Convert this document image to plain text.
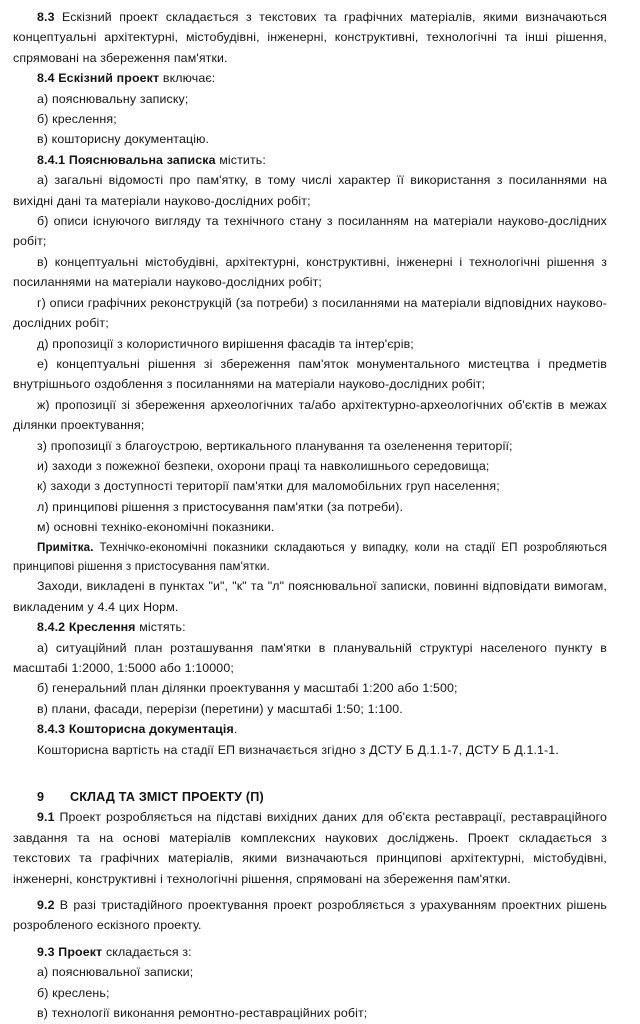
8.3 Ескізний проект складається з текстових та графічних матеріалів, якими визначаються концептуальні архітектурні, містобудівні, інженерні, конструктивні, технологічні та інші рішення, спрямовані на збереження пам'ятки.

8.4 Ескізний проект включає:

а) пояснювальну записку;

б) креслення;

в) кошторисну документацію.

8.4.1 Пояснювальна записка містить:

а) загальні відомості про пам'ятку, в тому числі характер її використання з посиланнями на вихідні дані та матеріали науково-дослідних робіт;

б) описи існуючого вигляду та технічного стану з посиланням на матеріали науково-дослідних робіт;

в) концептуальні містобудівні, архітектурні, конструктивні, інженерні і технологічні рішення з посиланнями на матеріали науково-дослідних робіт;

г) описи графічних реконструкцій (за потреби) з посиланнями на матеріали відповідних науково-дослідних робіт;

д) пропозиції з колористичного вирішення фасадів та інтер'єрів;

е) концептуальні рішення зі збереження пам'яток монументального мистецтва і предметів внутрішнього оздоблення з посиланнями на матеріали науково-дослідних робіт;

ж) пропозиції зі збереження археологічних та/або архітектурно-археологічних об'єктів в межах ділянки проектування;

з) пропозиції з благоустрою, вертикального планування та озеленення території;

и) заходи з пожежної безпеки, охорони праці та навколишнього середовища;

к) заходи з доступності території пам'ятки для маломобільних груп населення;

л) принципові рішення з пристосування пам'ятки (за потреби).

м) основні техніко-економічні показники.

Примітка. Технічко-економічні показники складаються у випадку, коли на стадії ЕП розробляються принципові рішення з пристосування пам'ятки.

Заходи, викладені в пунктах "и", "к" та "л" пояснювальної записки, повинні відповідати вимогам, викладеним у 4.4 цих Норм.

8.4.2 Креслення містять:

а) ситуаційний план розташування пам'ятки в планувальній структурі населеного пункту в масштабі 1:2000, 1:5000 або 1:10000;

б) генеральний план ділянки проектування у масштабі 1:200 або 1:500;

в) плани, фасади, перерізи (перетини) у масштабі 1:50; 1:100.

8.4.3 Кошторисна документація.

Кошторисна вартість на стадії ЕП визначається згідно з ДСТУ Б Д.1.1-7, ДСТУ Б Д.1.1-1.

9 СКЛАД ТА ЗМІСТ ПРОЕКТУ (П)

9.1 Проект розробляється на підставі вихідних даних для об'єкта реставрації, реставраційного завдання та на основі матеріалів комплексних наукових досліджень. Проект складається з текстових та графічних матеріалів, якими визначаються принципові архітектурні, містобудівні, інженерні, конструктивні і технологічні рішення, спрямовані на збереження пам'ятки.

9.2 В разі тристадійного проектування проект розробляється з урахуванням проектних рішень розробленого ескізного проекту.

9.3 Проект складається з:

а) пояснювальної записки;

б) креслень;

в) технології виконання ремонтно-реставраційних робіт;
